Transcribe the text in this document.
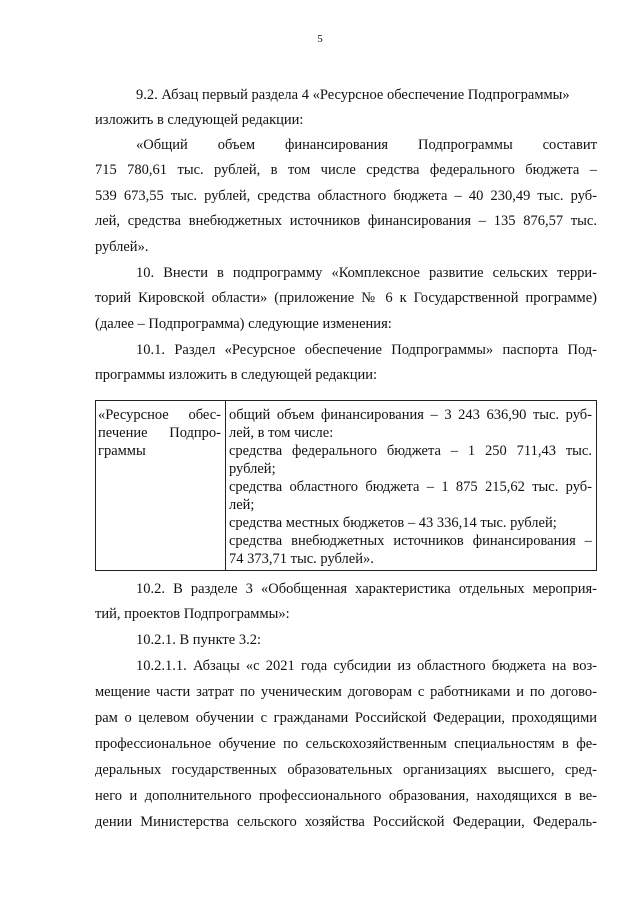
5
9.2. Абзац первый раздела 4 «Ресурсное обеспечение Подпрограммы»
изложить в следующей редакции:
«Общий объем финансирования Подпрограммы составит
715 780,61 тыс. рублей, в том числе средства федерального бюджета –
539 673,55 тыс. рублей, средства областного бюджета – 40 230,49 тыс. руб-
лей, средства внебюджетных источников финансирования – 135 876,57 тыс.
рублей».
10. Внести в подпрограмму «Комплексное развитие сельских терри-
торий Кировской области» (приложение № 6 к Государственной программе)
(далее – Подпрограмма) следующие изменения:
10.1. Раздел «Ресурсное обеспечение Подпрограммы» паспорта Под-
программы изложить в следующей редакции:
«Ресурсное обес-
печение Подпро-
граммы
общий объем финансирования – 3 243 636,90 тыс. руб-
лей, в том числе:
средства федерального бюджета – 1 250 711,43 тыс.
рублей;
средства областного бюджета – 1 875 215,62 тыс. руб-
лей;
средства местных бюджетов – 43 336,14 тыс. рублей;
средства внебюджетных источников финансирования –
74 373,71 тыс. рублей».
10.2. В разделе 3 «Обобщенная характеристика отдельных мероприя-
тий, проектов Подпрограммы»:
10.2.1. В пункте 3.2:
10.2.1.1. Абзацы «с 2021 года субсидии из областного бюджета на воз-
мещение части затрат по ученическим договорам с работниками и по догово-
рам о целевом обучении с гражданами Российской Федерации, проходящими
профессиональное обучение по сельскохозяйственным специальностям в фе-
деральных государственных образовательных организациях высшего, сред-
него и дополнительного профессионального образования, находящихся в ве-
дении Министерства сельского хозяйства Российской Федерации, Федераль-
